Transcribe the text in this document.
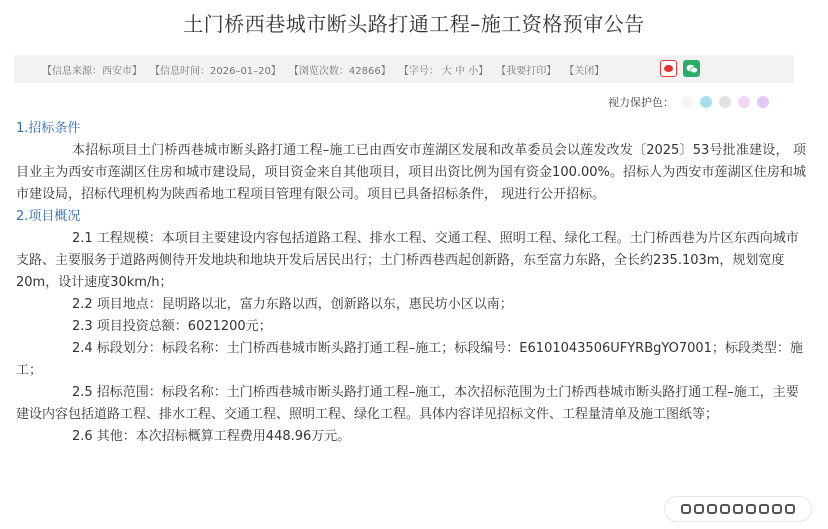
土门桥西巷城市断头路打通工程–施工资格预审公告
【信息来源：西安市】 【信息时间：2026–01–20】 【浏览次数：42866】 【字号： 大 中 小】 【我要打印】 【关闭】
视力保护色：
1.招标条件

本招标项目土门桥西巷城市断头路打通工程–施工已由西安市莲湖区发展和改革委员会以莲发改发〔2025〕53号批准建设， 项目业主为西安市莲湖区住房和城市建设局，项目资金来自其他项目，项目出资比例为国有资金100.00%。招标人为西安市莲湖区住房和城市建设局，招标代理机构为陕西希地工程项目管理有限公司。项目已具备招标条件， 现进行公开招标。

2.项目概况

2.1 工程规模：本项目主要建设内容包括道路工程、排水工程、交通工程、照明工程、绿化工程。土门桥西巷为片区东西向城市支路、主要服务于道路两侧待开发地块和地块开发后居民出行；土门桥西巷西起创新路，东至富力东路，全长约235.103m，规划宽度20m，设计速度30km/h；

2.2 项目地点：昆明路以北，富力东路以西，创新路以东，惠民坊小区以南；

2.3 项目投资总额：6021200元；

2.4 标段划分：标段名称：土门桥西巷城市断头路打通工程–施工；标段编号：E6101043506UFYRBgYO7001；标段类型：施工；

2.5 招标范围：标段名称：土门桥西巷城市断头路打通工程–施工，本次招标范围为土门桥西巷城市断头路打通工程–施工，主要建设内容包括道路工程、排水工程、交通工程、照明工程、绿化工程。具体内容详见招标文件、工程量清单及施工图纸等；

2.6 其他：本次招标概算工程费用448.96万元。
